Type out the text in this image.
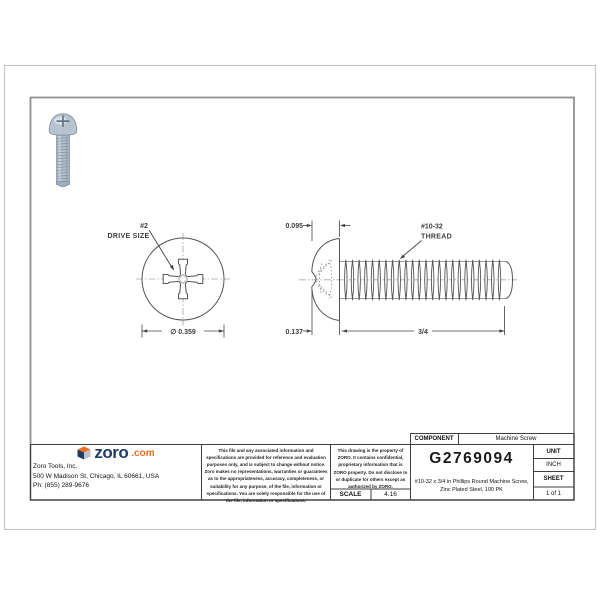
#2
DRIVE SIZE
∅ 0.359
#10-32
THREAD
0.095
0.137	3/4
zoro .com
Zoro Tools, Inc.
500 W Madison St, Chicago, IL 60661, USA
Ph: (855) 289-9676
This file and any associated information and specifications are provided for reference and evaluation purposes only, and is subject to change without notice. Zoro makes no representations, warranties or guarantees as to the appropriateness, accuracy, completeness, or suitability for any purpose, of the file, information or specifications. You are solely responsible for the use of the file, information or specifications.
This drawing is the property of ZORO. It contains confidential, proprietary information that is ZORO property. Do not disclose to or duplicate for others except as authorized by ZORO.
SCALE	4.16
COMPONENT	Machine Screw
G2769094
#10-32 x 3/4 in Phillips Round Machine Screw, Zinc Plated Steel, 100 PK
UNIT
INCH
SHEET
1 of 1
